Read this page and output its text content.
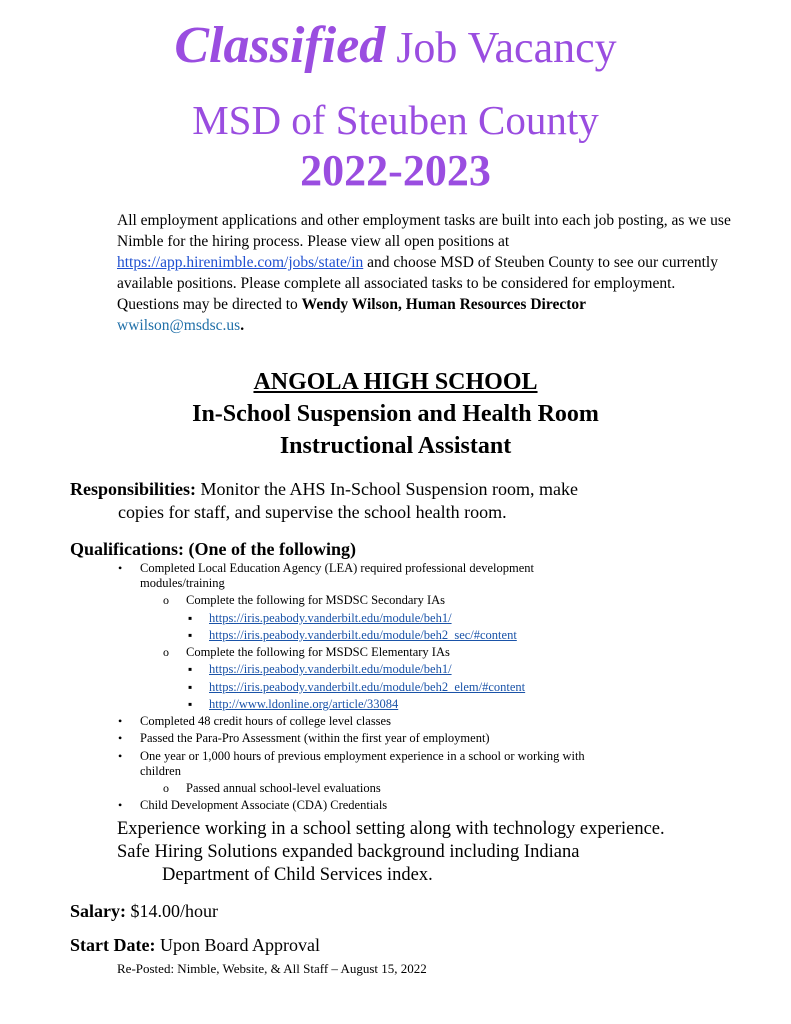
Classified Job Vacancy
MSD of Steuben County
2022-2023
All employment applications and other employment tasks are built into each job posting, as we use Nimble for the hiring process. Please view all open positions at https://app.hirenimble.com/jobs/state/in and choose MSD of Steuben County to see our currently available positions. Please complete all associated tasks to be considered for employment.
Questions may be directed to Wendy Wilson, Human Resources Director
wwilson@msdsc.us.
ANGOLA HIGH SCHOOL
In-School Suspension and Health Room
Instructional Assistant
Responsibilities: Monitor the AHS In-School Suspension room, make
copies for staff, and supervise the school health room.
Qualifications: (One of the following)
• Completed Local Education Agency (LEA) required professional development
modules/training
o Complete the following for MSDSC Secondary IAs
▪ https://iris.peabody.vanderbilt.edu/module/beh1/
▪ https://iris.peabody.vanderbilt.edu/module/beh2_sec/#content
o Complete the following for MSDSC Elementary IAs
▪ https://iris.peabody.vanderbilt.edu/module/beh1/
▪ https://iris.peabody.vanderbilt.edu/module/beh2_elem/#content
▪ http://www.ldonline.org/article/33084
• Completed 48 credit hours of college level classes
• Passed the Para-Pro Assessment (within the first year of employment)
• One year or 1,000 hours of previous employment experience in a school or working with
children
o Passed annual school-level evaluations
• Child Development Associate (CDA) Credentials
Experience working in a school setting along with technology experience.
Safe Hiring Solutions expanded background including Indiana
Department of Child Services index.
Salary: $14.00/hour
Start Date: Upon Board Approval
Re-Posted: Nimble, Website, & All Staff – August 15, 2022
